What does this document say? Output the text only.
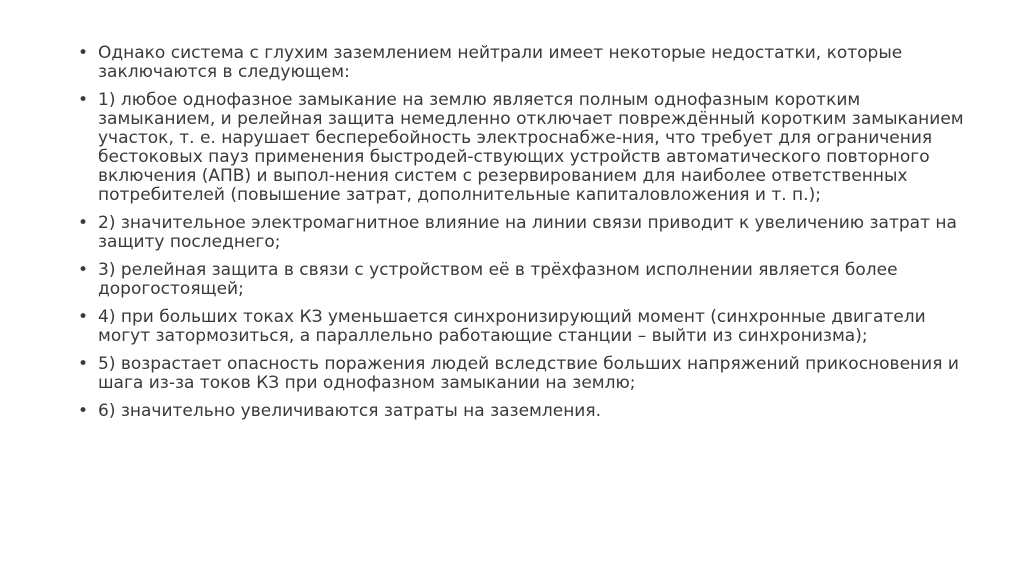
• Однако система с глухим заземлением нейтрали имеет некоторые недостатки, которые заключаются в следующем:
• 1) любое однофазное замыкание на землю является полным однофазным коротким замыканием, и релейная защита немедленно отключает повреждённый коротким замыканием участок, т. е. нарушает бесперебойность электроснабже-ния, что требует для ограничения бестоковых пауз применения быстродей-ствующих устройств автоматического повторного включения (АПВ) и выпол-нения систем с резервированием для наиболее ответственных потребителей (повышение затрат, дополнительные капиталовложения и т. п.);
• 2) значительное электромагнитное влияние на линии связи приводит к увеличению затрат на защиту последнего;
• 3) релейная защита в связи с устройством её в трёхфазном исполнении является более дорогостоящей;
• 4) при больших токах КЗ уменьшается синхронизирующий момент (синхронные двигатели могут затормозиться, а параллельно работающие станции – выйти из синхронизма);
• 5) возрастает опасность поражения людей вследствие больших напряжений прикосновения и шага из-за токов КЗ при однофазном замыкании на землю;
• 6) значительно увеличиваются затраты на заземления.
